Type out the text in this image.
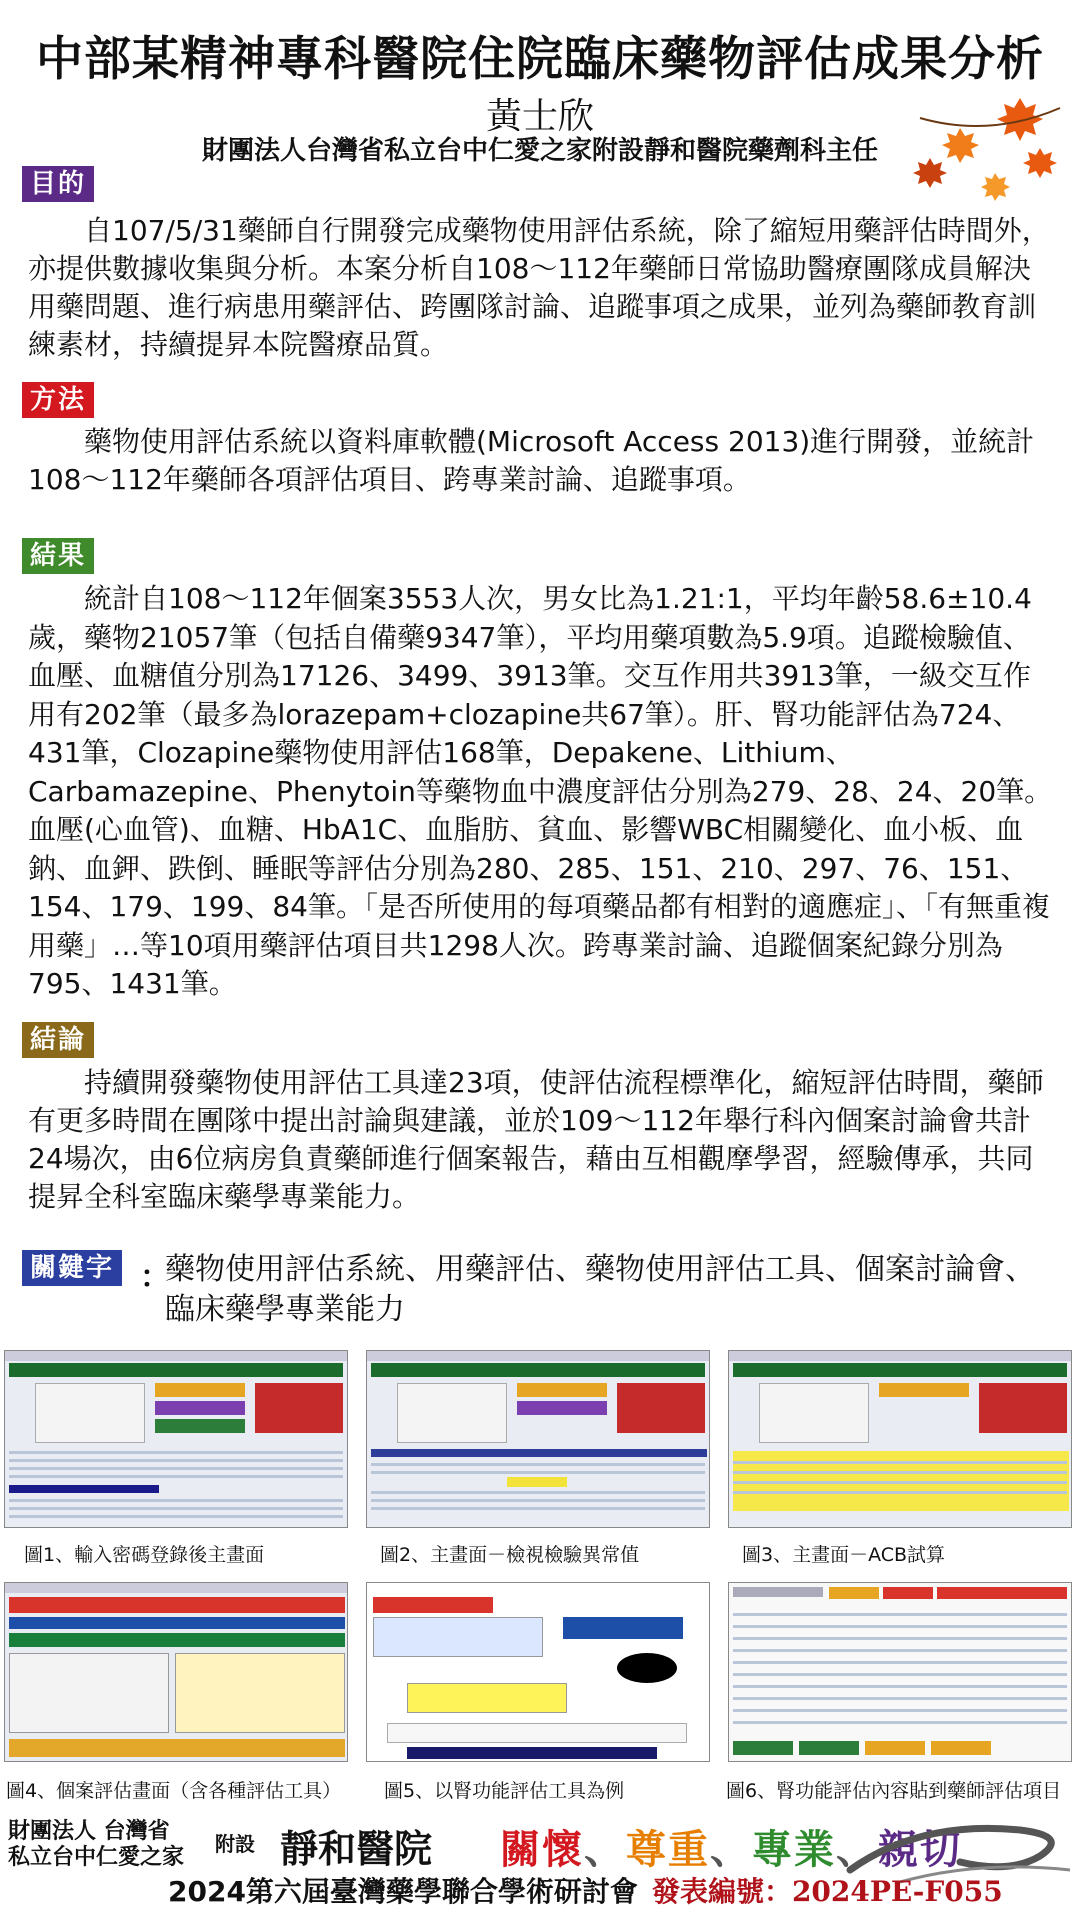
中部某精神專科醫院住院臨床藥物評估成果分析
黃士欣
財團法人台灣省私立台中仁愛之家附設靜和醫院藥劑科主任
目的
自107/5/31藥師自行開發完成藥物使用評估系統，除了縮短用藥評估時間外，亦提供數據收集與分析。本案分析自108～112年藥師日常協助醫療團隊成員解決用藥問題、進行病患用藥評估、跨團隊討論、追蹤事項之成果，並列為藥師教育訓練素材，持續提昇本院醫療品質。
方法
藥物使用評估系統以資料庫軟體(Microsoft Access 2013)進行開發，並統計108～112年藥師各項評估項目、跨專業討論、追蹤事項。
結果
統計自108～112年個案3553人次，男女比為1.21:1，平均年齡58.6±10.4歲，藥物21057筆（包括自備藥9347筆），平均用藥項數為5.9項。追蹤檢驗值、血壓、血糖值分別為17126、3499、3913筆。交互作用共3913筆，一級交互作用有202筆（最多為lorazepam+clozapine共67筆）。肝、腎功能評估為724、431筆，Clozapine藥物使用評估168筆，Depakene、Lithium、Carbamazepine、Phenytoin等藥物血中濃度評估分別為279、28、24、20筆。血壓(心血管)、血糖、HbA1C、血脂肪、貧血、影響WBC相關變化、血小板、血鈉、血鉀、跌倒、睡眠等評估分別為280、285、151、210、297、76、151、154、179、199、84筆。「是否所使用的每項藥品都有相對的適應症」、「有無重複用藥」…等10項用藥評估項目共1298人次。跨專業討論、追蹤個案紀錄分別為795、1431筆。
結論
持續開發藥物使用評估工具達23項，使評估流程標準化，縮短評估時間，藥師有更多時間在團隊中提出討論與建議，並於109～112年舉行科內個案討論會共計24場次，由6位病房負責藥師進行個案報告，藉由互相觀摩學習，經驗傳承，共同提昇全科室臨床藥學專業能力。
關鍵字 ：
藥物使用評估系統、用藥評估、藥物使用評估工具、個案討論會、臨床藥學專業能力
圖1、輸入密碼登錄後主畫面	圖2、主畫面－檢視檢驗異常值	圖3、主畫面－ACB試算
圖4、個案評估畫面（含各種評估工具） 圖5、以腎功能評估工具為例	圖6、腎功能評估內容貼到藥師評估項目
財團法人 台灣省
私立台中仁愛之家 附設 靜和醫院 關懷、尊重、專業、親切
2024第六屆臺灣藥學聯合學術研討會 發表編號：2024PE-F055
